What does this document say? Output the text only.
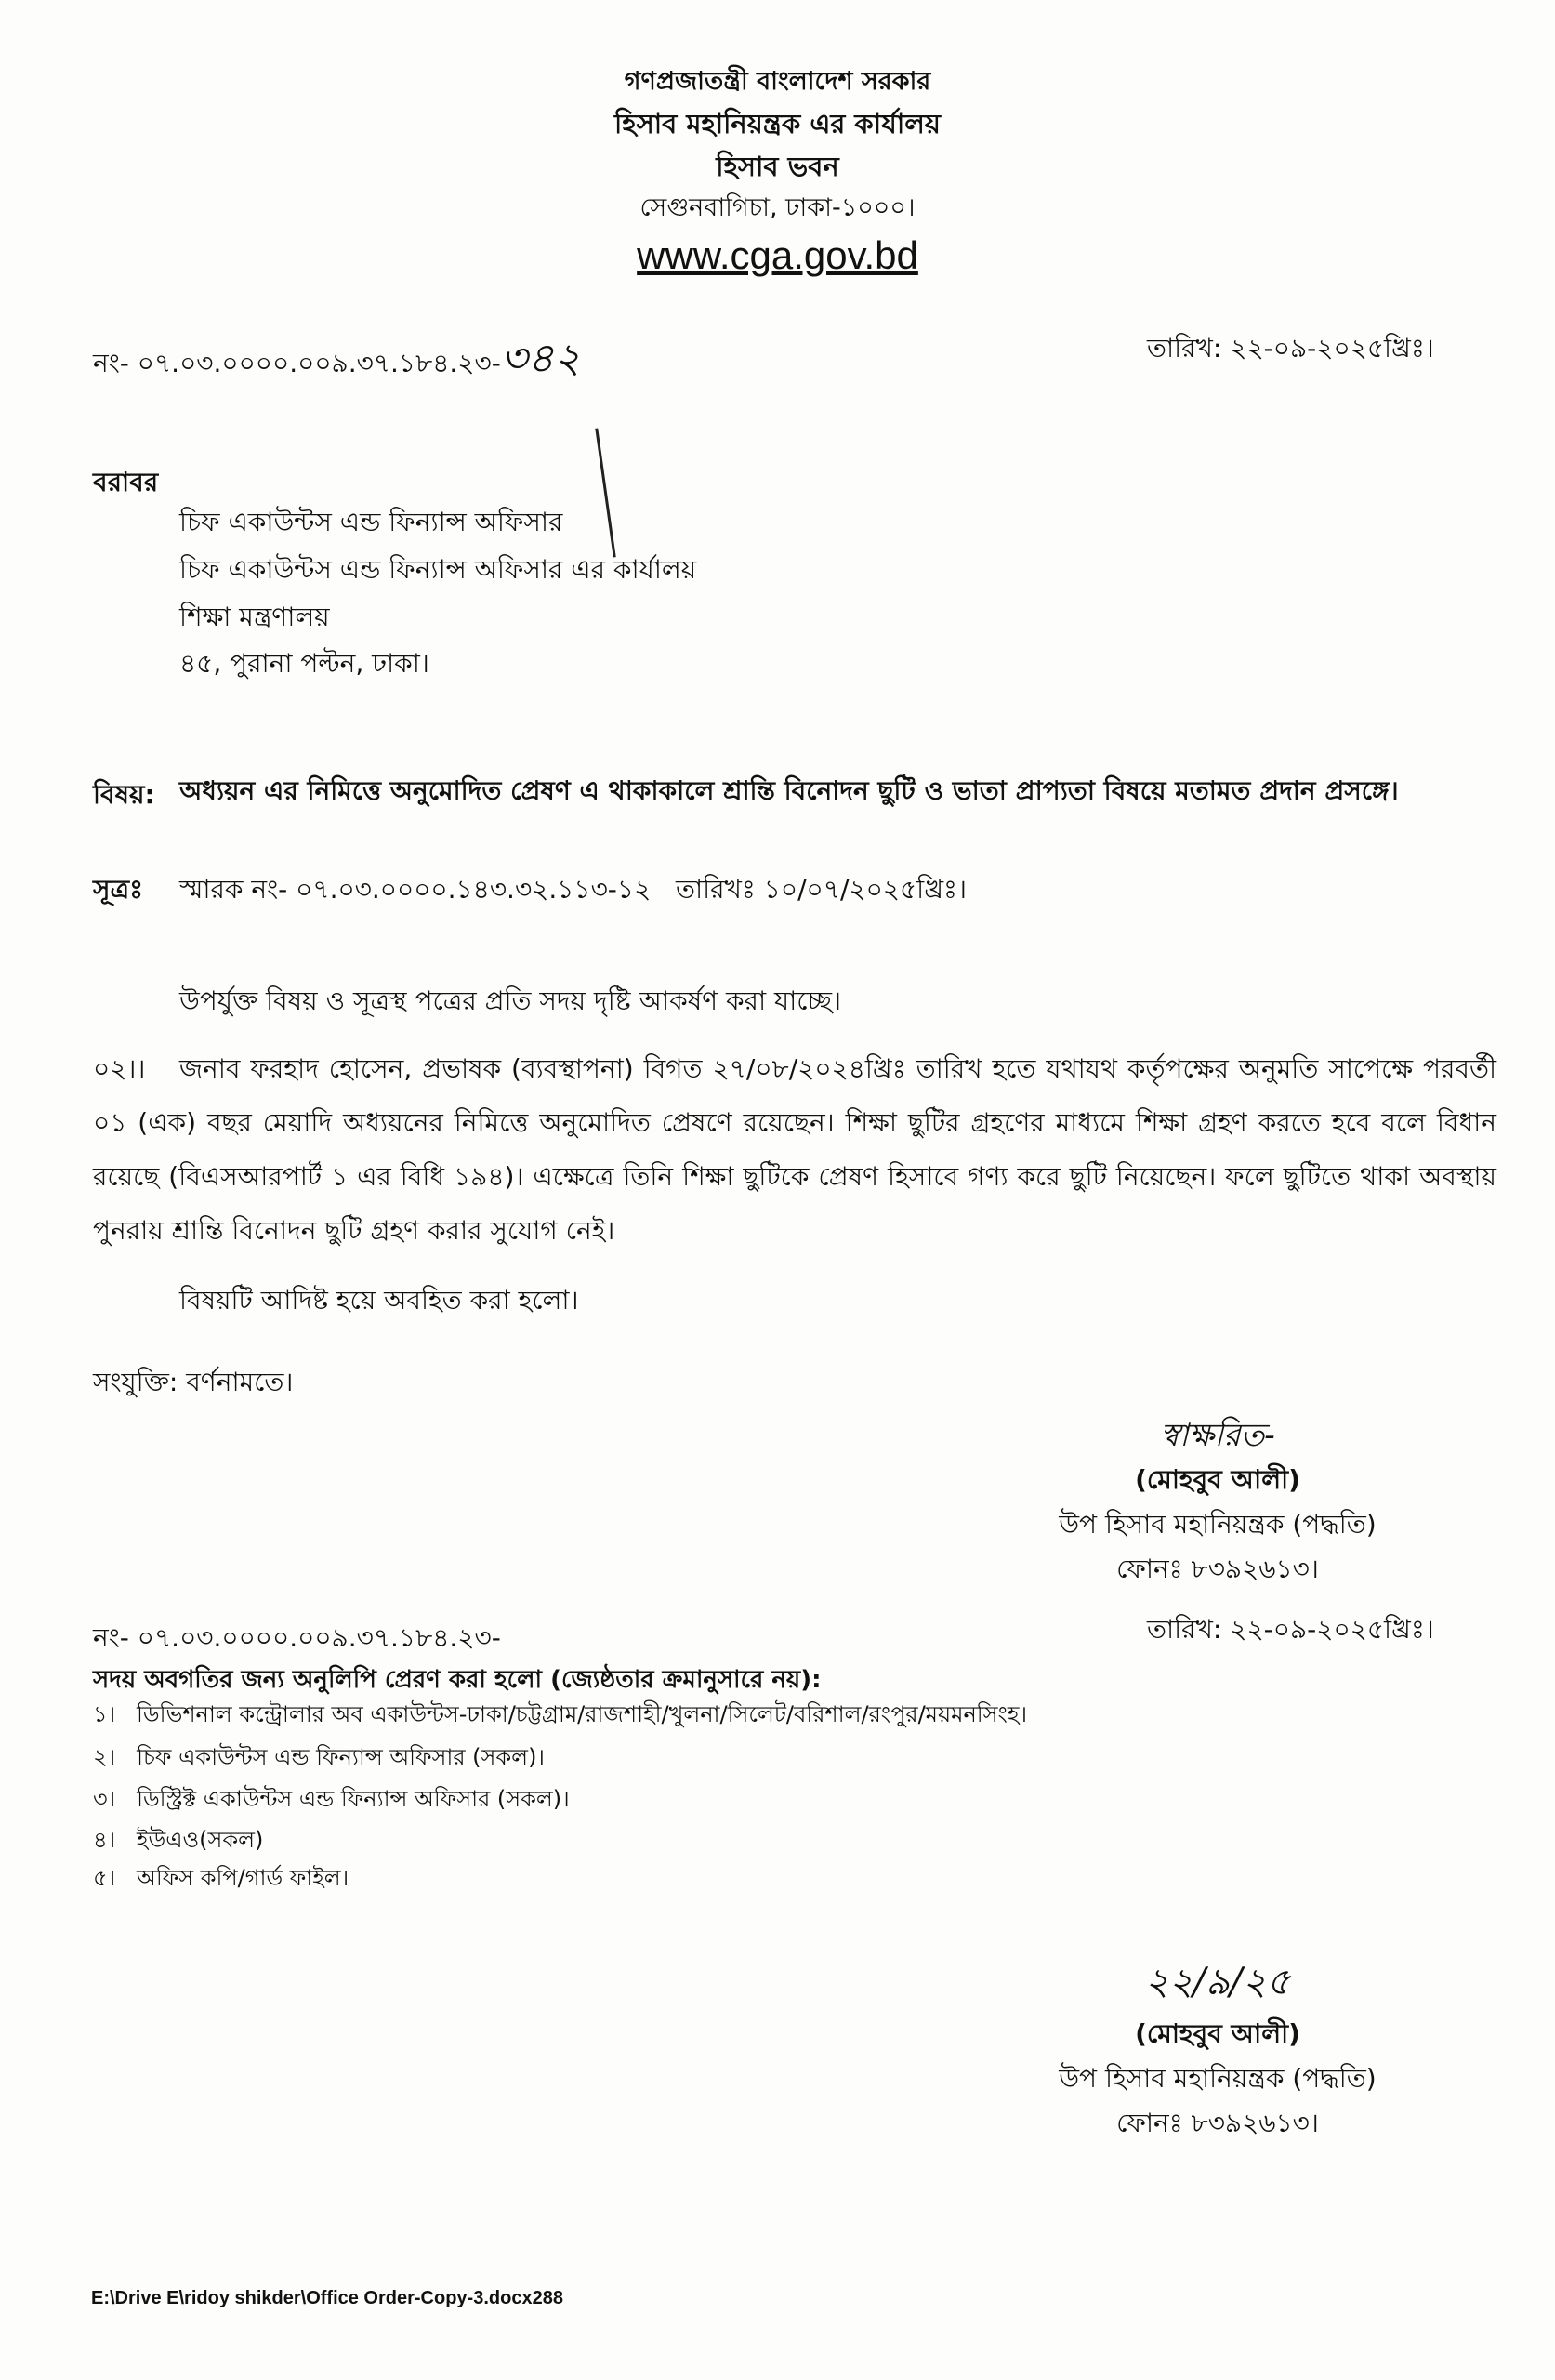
গণপ্রজাতন্ত্রী বাংলাদেশ সরকার
হিসাব মহানিয়ন্ত্রক এর কার্যালয়
হিসাব ভবন
সেগুনবাগিচা, ঢাকা-১০০০।
www.cga.gov.bd
নং- ০৭.০৩.০০০০.০০৯.৩৭.১৮৪.২৩-৩৪২	তারিখ: ২২-০৯-২০২৫খ্রিঃ।
বরাবর
চিফ একাউন্টস এন্ড ফিন্যান্স অফিসার
চিফ একাউন্টস এন্ড ফিন্যান্স অফিসার এর কার্যালয়
শিক্ষা মন্ত্রণালয়
৪৫, পুরানা পল্টন, ঢাকা।
বিষয়: অধ্যয়ন এর নিমিত্তে অনুমোদিত প্রেষণ এ থাকাকালে শ্রান্তি বিনোদন ছুটি ও ভাতা প্রাপ্যতা বিষয়ে মতামত প্রদান প্রসঙ্গে।
সূত্রঃ স্মারক নং- ০৭.০৩.০০০০.১৪৩.৩২.১১৩-১২ তারিখঃ ১০/০৭/২০২৫খ্রিঃ।
উপর্যুক্ত বিষয় ও সূত্রস্থ পত্রের প্রতি সদয় দৃষ্টি আকর্ষণ করা যাচ্ছে।
০২।।	জনাব ফরহাদ হোসেন, প্রভাষক (ব্যবস্থাপনা) বিগত ২৭/০৮/২০২৪খ্রিঃ তারিখ হতে যথাযথ কর্তৃপক্ষের অনুমতি সাপেক্ষে পরবর্তী ০১ (এক) বছর মেয়াদি অধ্যয়নের নিমিত্তে অনুমোদিত প্রেষণে রয়েছেন। শিক্ষা ছুটির গ্রহণের মাধ্যমে শিক্ষা গ্রহণ করতে হবে বলে বিধান রয়েছে (বিএসআরপার্ট ১ এর বিধি ১৯৪)। এক্ষেত্রে তিনি শিক্ষা ছুটিকে প্রেষণ হিসাবে গণ্য করে ছুটি নিয়েছেন। ফলে ছুটিতে থাকা অবস্থায় পুনরায় শ্রান্তি বিনোদন ছুটি গ্রহণ করার সুযোগ নেই।
বিষয়টি আদিষ্ট হয়ে অবহিত করা হলো।
সংযুক্তি: বর্ণনামতে।
স্বাক্ষরিত-
(মোহবুব আলী)
উপ হিসাব মহানিয়ন্ত্রক (পদ্ধতি)
ফোনঃ ৮৩৯২৬১৩।
নং- ০৭.০৩.০০০০.০০৯.৩৭.১৮৪.২৩-	তারিখ: ২২-০৯-২০২৫খ্রিঃ।
সদয় অবগতির জন্য অনুলিপি প্রেরণ করা হলো (জ্যেষ্ঠতার ক্রমানুসারে নয়):
১। ডিভিশনাল কন্ট্রোলার অব একাউন্টস-ঢাকা/চট্টগ্রাম/রাজশাহী/খুলনা/সিলেট/বরিশাল/রংপুর/ময়মনসিংহ।
২। চিফ একাউন্টস এন্ড ফিন্যান্স অফিসার (সকল)।
৩। ডিস্ট্রিক্ট একাউন্টস এন্ড ফিন্যান্স অফিসার (সকল)।
৪। ইউএও(সকল)
৫। অফিস কপি/গার্ড ফাইল।
২২/৯/২৫
(মোহবুব আলী)
উপ হিসাব মহানিয়ন্ত্রক (পদ্ধতি)
ফোনঃ ৮৩৯২৬১৩।
E:\Drive E\ridoy shikder\Office Order-Copy-3.docx288
